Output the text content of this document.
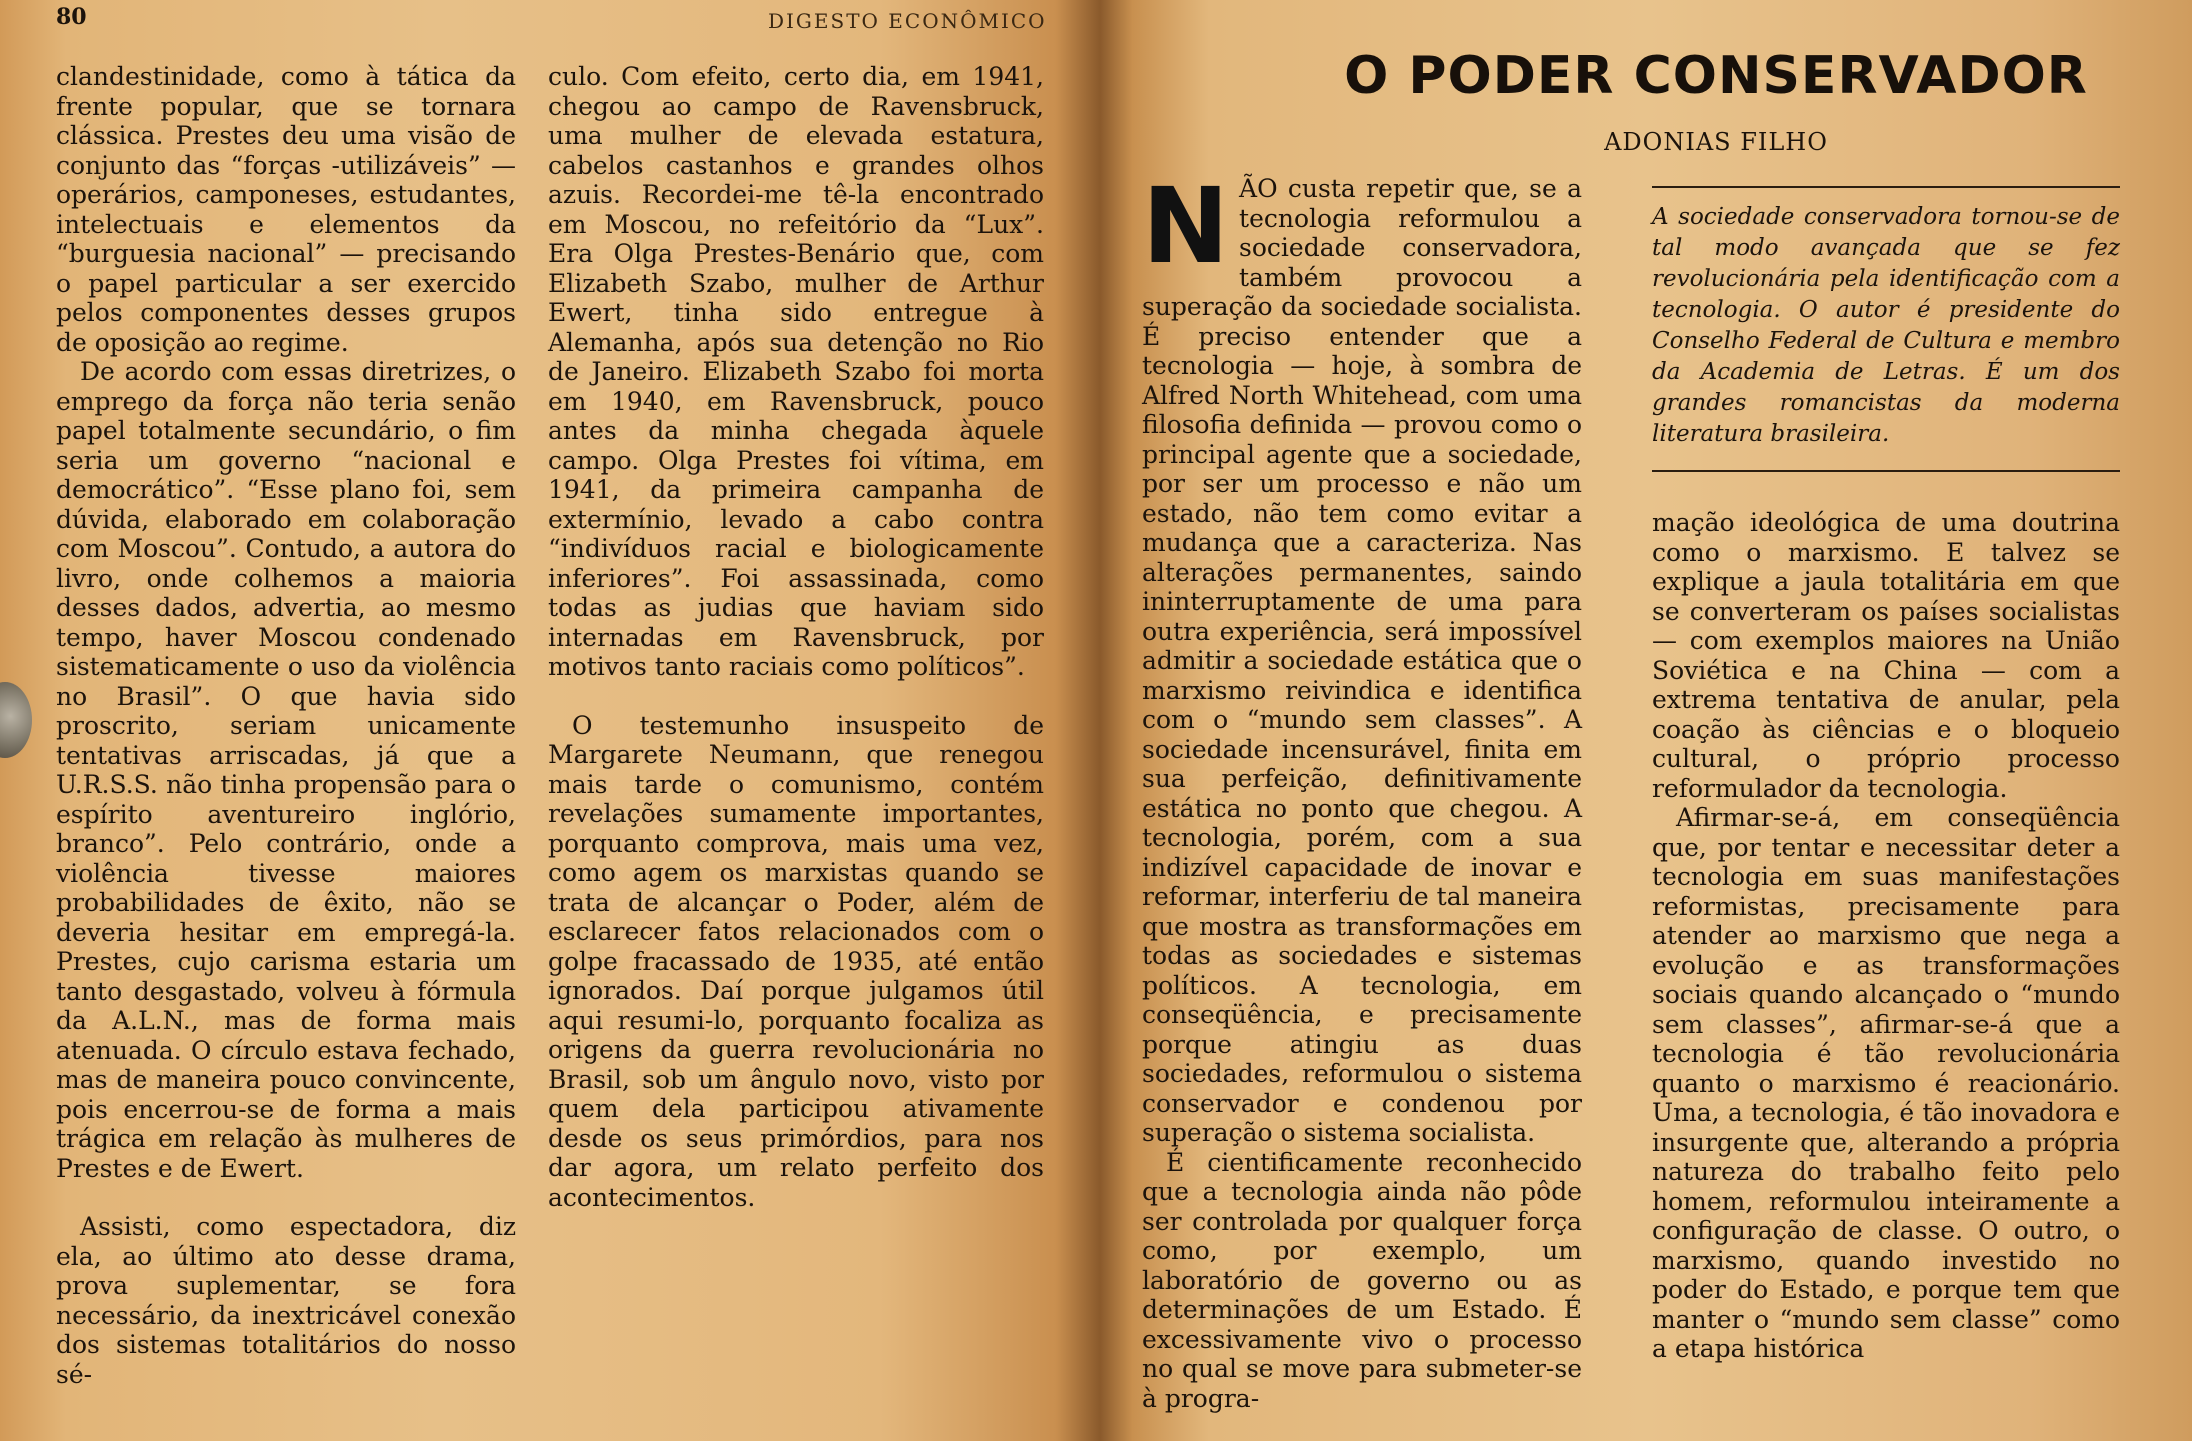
80	DIGESTO ECONÔMICO

clandestinidade, como à tática da frente popular, que se tornara clássica. Prestes deu uma visão de conjunto das “forças -utilizáveis” — operários, camponeses, estudantes, intelectuais e elementos da “burguesia nacional” — precisando o papel particular a ser exercido pelos componentes desses grupos de oposição ao regime.

De acordo com essas diretrizes, o emprego da força não teria senão papel totalmente secundário, o fim seria um governo “nacional e democrático”. “Esse plano foi, sem dúvida, elaborado em colaboração com Moscou”. Contudo, a autora do livro, onde colhemos a maioria desses dados, advertia, ao mesmo tempo, haver Moscou condenado sistematicamente o uso da violência no Brasil”. O que havia sido proscrito, seriam unicamente tentativas arriscadas, já que a U.R.S.S. não tinha propensão para o espírito aventureiro inglório, branco”. Pelo contrário, onde a violência tivesse maiores probabilidades de êxito, não se deveria hesitar em empregá-la. Prestes, cujo carisma estaria um tanto desgastado, volveu à fórmula da A.L.N., mas de forma mais atenuada. O círculo estava fechado, mas de maneira pouco convincente, pois encerrou-se de forma a mais trágica em relação às mulheres de Prestes e de Ewert.

Assisti, como espectadora, diz ela, ao último ato desse drama, prova suplementar, se fora necessário, da inextricável conexão dos sistemas totalitários do nosso sé-

culo. Com efeito, certo dia, em 1941, chegou ao campo de Ravensbruck, uma mulher de elevada estatura, cabelos castanhos e grandes olhos azuis. Recordei-me tê-la encontrado em Moscou, no refeitório da “Lux”. Era Olga Prestes-Benário que, com Elizabeth Szabo, mulher de Arthur Ewert, tinha sido entregue à Alemanha, após sua detenção no Rio de Janeiro. Elizabeth Szabo foi morta em 1940, em Ravensbruck, pouco antes da minha chegada àquele campo. Olga Prestes foi vítima, em 1941, da primeira campanha de extermínio, levado a cabo contra “indivíduos racial e biologicamente inferiores”. Foi assassinada, como todas as judias que haviam sido internadas em Ravensbruck, por motivos tanto raciais como políticos”.

O testemunho insuspeito de Margarete Neumann, que renegou mais tarde o comunismo, contém revelações sumamente importantes, porquanto comprova, mais uma vez, como agem os marxistas quando se trata de alcançar o Poder, além de esclarecer fatos relacionados com o golpe fracassado de 1935, até então ignorados. Daí porque julgamos útil aqui resumi-lo, porquanto focaliza as origens da guerra revolucionária no Brasil, sob um ângulo novo, visto por quem dela participou ativamente desde os seus primórdios, para nos dar agora, um relato perfeito dos acontecimentos.

O PODER CONSERVADOR
ADONIAS FILHO

NÃO custa repetir que, se a tecnologia reformulou a sociedade conservadora, também provocou a superação da sociedade socialista. É preciso entender que a tecnologia — hoje, à sombra de Alfred North Whitehead, com uma filosofia definida — provou como o principal agente que a sociedade, por ser um processo e não um estado, não tem como evitar a mudança que a caracteriza. Nas alterações permanentes, saindo ininterruptamente de uma para outra experiência, será impossível admitir a sociedade estática que o marxismo reivindica e identifica com o “mundo sem classes”. A sociedade incensurável, finita em sua perfeição, definitivamente estática no ponto que chegou. A tecnologia, porém, com a sua indizível capacidade de inovar e reformar, interferiu de tal maneira que mostra as transformações em todas as sociedades e sistemas políticos. A tecnologia, em conseqüência, e precisamente porque atingiu as duas sociedades, reformulou o sistema conservador e condenou por superação o sistema socialista.

É cientificamente reconhecido que a tecnologia ainda não pôde ser controlada por qualquer força como, por exemplo, um laboratório de governo ou as determinações de um Estado. É excessivamente vivo o processo no qual se move para submeter-se à progra-

A sociedade conservadora tornou-se de tal modo avançada que se fez revolucionária pela identificação com a tecnologia. O autor é presidente do Conselho Federal de Cultura e membro da Academia de Letras. É um dos grandes romancistas da moderna literatura brasileira.

mação ideológica de uma doutrina como o marxismo. E talvez se explique a jaula totalitária em que se converteram os países socialistas — com exemplos maiores na União Soviética e na China — com a extrema tentativa de anular, pela coação às ciências e o bloqueio cultural, o próprio processo reformulador da tecnologia.

Afirmar-se-á, em conseqüência que, por tentar e necessitar deter a tecnologia em suas manifestações reformistas, precisamente para atender ao marxismo que nega a evolução e as transformações sociais quando alcançado o “mundo sem classes”, afirmar-se-á que a tecnologia é tão revolucionária quanto o marxismo é reacionário. Uma, a tecnologia, é tão inovadora e insurgente que, alterando a própria natureza do trabalho feito pelo homem, reformulou inteiramente a configuração de classe. O outro, o marxismo, quando investido no poder do Estado, e porque tem que manter o “mundo sem classe” como a etapa histórica
